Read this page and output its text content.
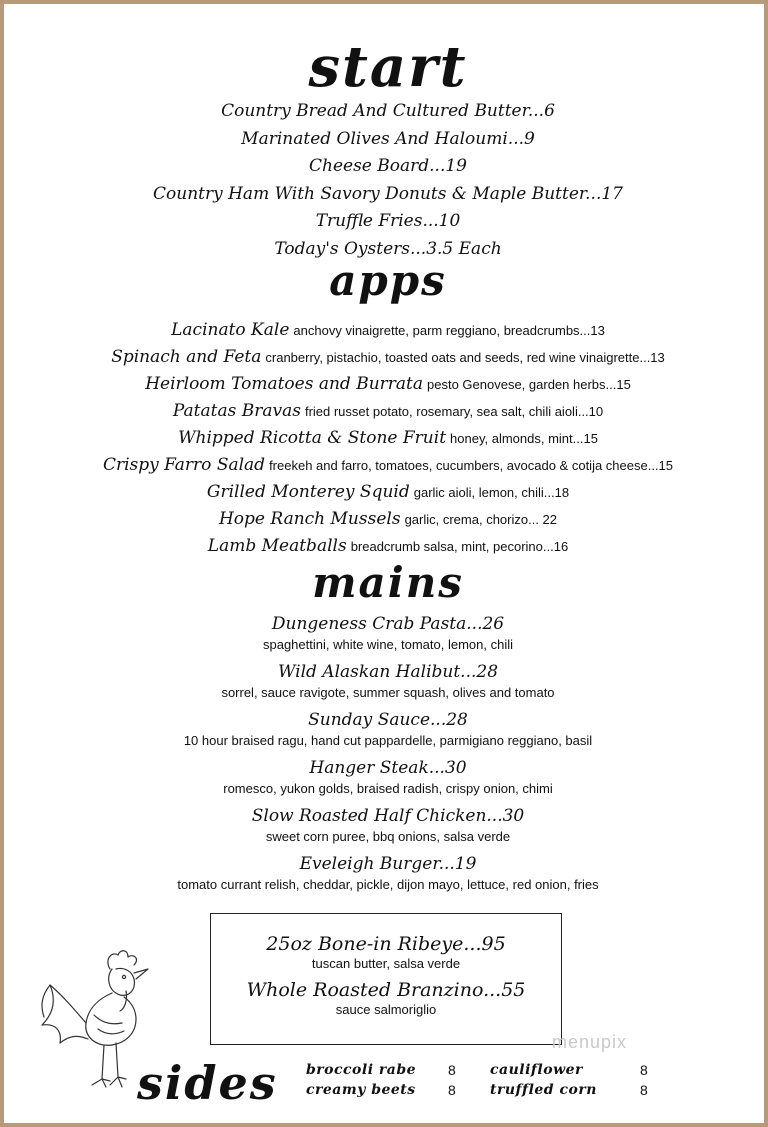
start
Country Bread And Cultured Butter...6
Marinated Olives And Haloumi...9
Cheese Board...19
Country Ham With Savory Donuts & Maple Butter...17
Truffle Fries...10
Today's Oysters...3.5 Each
apps
Lacinato Kale anchovy vinaigrette, parm reggiano, breadcrumbs...13
Spinach and Feta cranberry, pistachio, toasted oats and seeds, red wine vinaigrette...13
Heirloom Tomatoes and Burrata pesto Genovese, garden herbs...15
Patatas Bravas fried russet potato, rosemary, sea salt, chili aioli...10
Whipped Ricotta & Stone Fruit honey, almonds, mint...15
Crispy Farro Salad freekeh and farro, tomatoes, cucumbers, avocado & cotija cheese...15
Grilled Monterey Squid garlic aioli, lemon, chili...18
Hope Ranch Mussels garlic, crema, chorizo... 22
Lamb Meatballs breadcrumb salsa, mint, pecorino...16
mains
Dungeness Crab Pasta...26
spaghettini, white wine, tomato, lemon, chili
Wild Alaskan Halibut...28
sorrel, sauce ravigote, summer squash, olives and tomato
Sunday Sauce...28
10 hour braised ragu, hand cut pappardelle, parmigiano reggiano, basil
Hanger Steak...30
romesco, yukon golds, braised radish, crispy onion, chimi
Slow Roasted Half Chicken...30
sweet corn puree, bbq onions, salsa verde
Eveleigh Burger...19
tomato currant relish, cheddar, pickle, dijon mayo, lettuce, red onion, fries
25oz Bone-in Ribeye...95
tuscan butter, salsa verde
Whole Roasted Branzino...55
sauce salmoriglio
menupix
sides broccoli rabe 8 cauliflower	8
creamy beets 8 truffled corn	8
